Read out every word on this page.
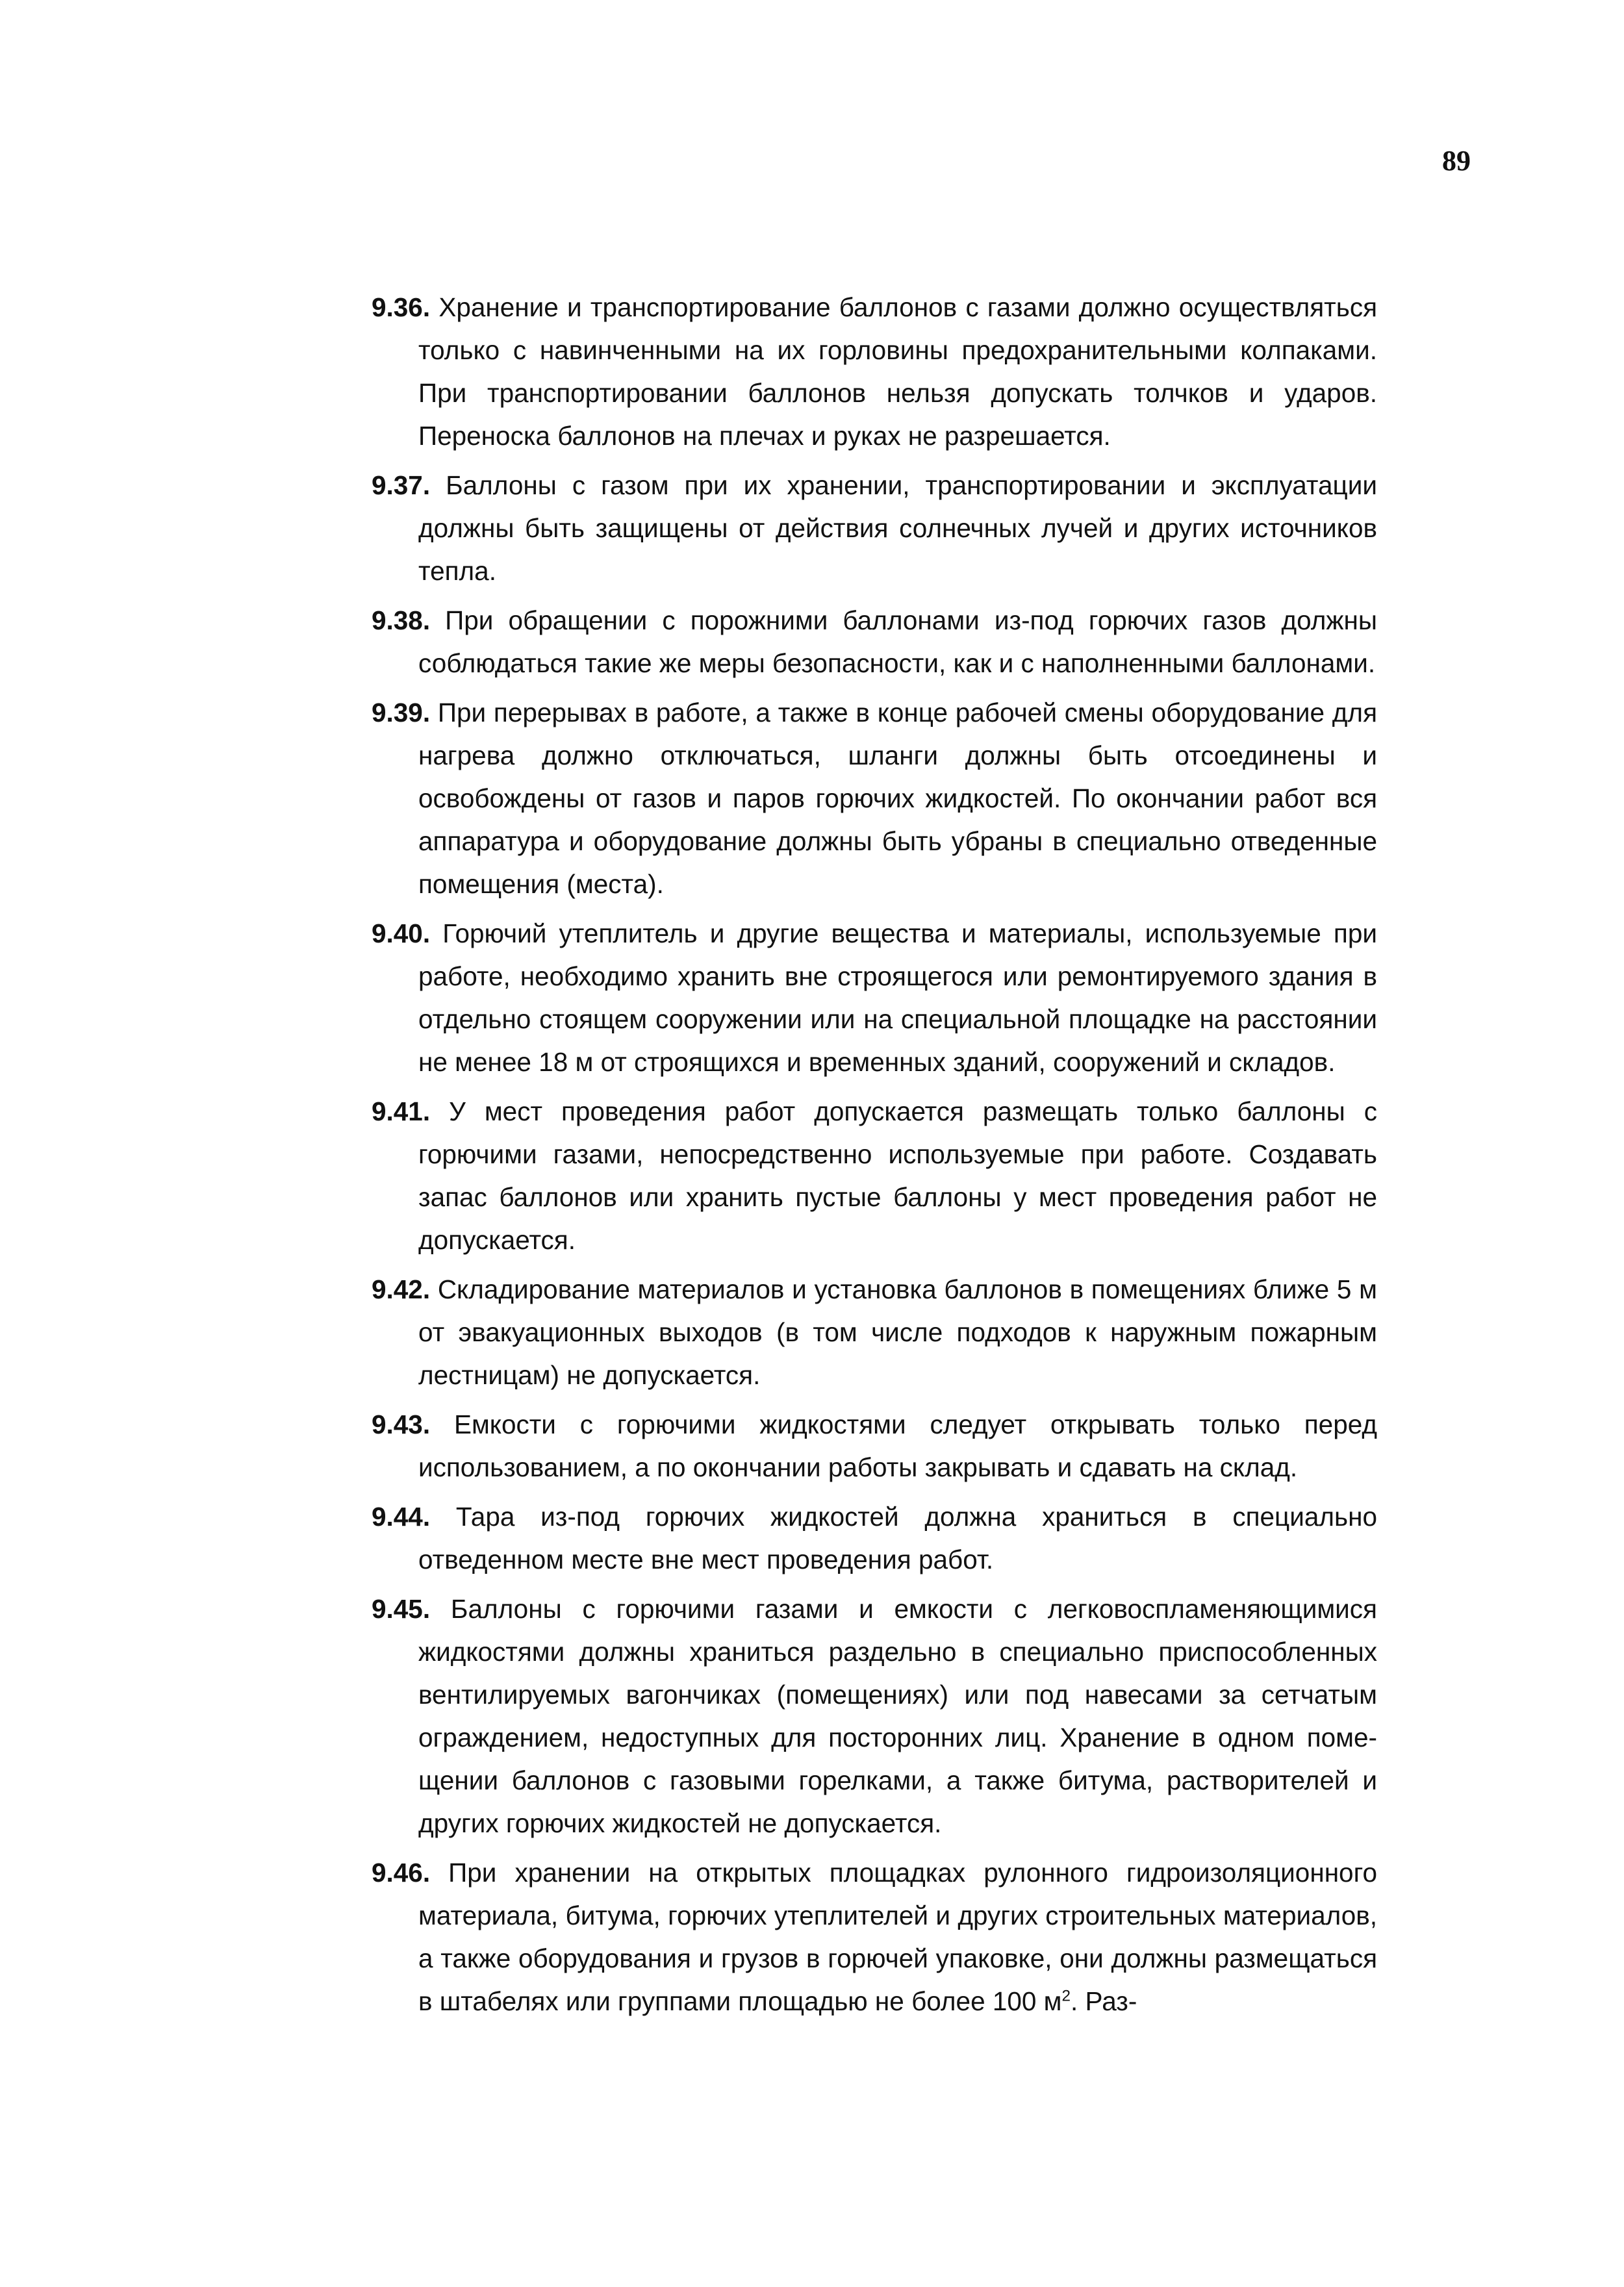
89

9.36. Хранение и транспортирование баллонов с газами должно осуществляться только с навинченными на их горловины предохранительными колпаками. При транспортировании баллонов нельзя допускать толчков и ударов. Переноска баллонов на плечах и руках не разрешается.

9.37. Баллоны с газом при их хранении, транспортировании и эксплуатации должны быть защищены от действия солнечных лучей и других источников тепла.

9.38. При обращении с порожними баллонами из-под горючих газов должны соблюдаться такие же меры безопасности, как и с наполненными баллонами.

9.39. При перерывах в работе, а также в конце рабочей смены оборудование для нагрева должно отключаться, шланги должны быть отсоединены и освобождены от газов и паров горючих жидкостей. По окончании работ вся аппаратура и оборудование должны быть убраны в специально отведенные помещения (места).

9.40. Горючий утеплитель и другие вещества и материалы, используемые при работе, необходимо хранить вне строящегося или ремонтируемого здания в отдельно стоящем сооружении или на специальной площадке на расстоянии не менее 18 м от строящихся и временных зданий, сооружений и складов.

9.41. У мест проведения работ допускается размещать только баллоны с горючими газами, непосредственно используемые при работе. Создавать запас баллонов или хранить пустые баллоны у мест проведения работ не допускается.

9.42. Складирование материалов и установка баллонов в помещениях ближе 5 м от эвакуационных выходов (в том числе подходов к наружным пожарным лестницам) не допускается.

9.43. Емкости с горючими жидкостями следует открывать только перед использованием, а по окончании работы закрывать и сдавать на склад.

9.44. Тара из-под горючих жидкостей должна храниться в специально отведенном месте вне мест проведения работ.

9.45. Баллоны с горючими газами и емкости с легковоспламеняющимися жидкостями должны храниться раздельно в специально приспособленных вентилируемых вагончиках (помещениях) или под навесами за сетчатым ограждением, недоступных для посторонних лиц. Хранение в одном поме-щении баллонов с газовыми горелками, а также битума, растворителей и других горючих жидкостей не допускается.

9.46. При хранении на открытых площадках рулонного гидроизоляционного материала, битума, горючих утеплителей и других строительных материалов, а также оборудования и грузов в горючей упаковке, они должны размещаться в штабелях или группами площадью не более 100 $м^2$. Раз-
